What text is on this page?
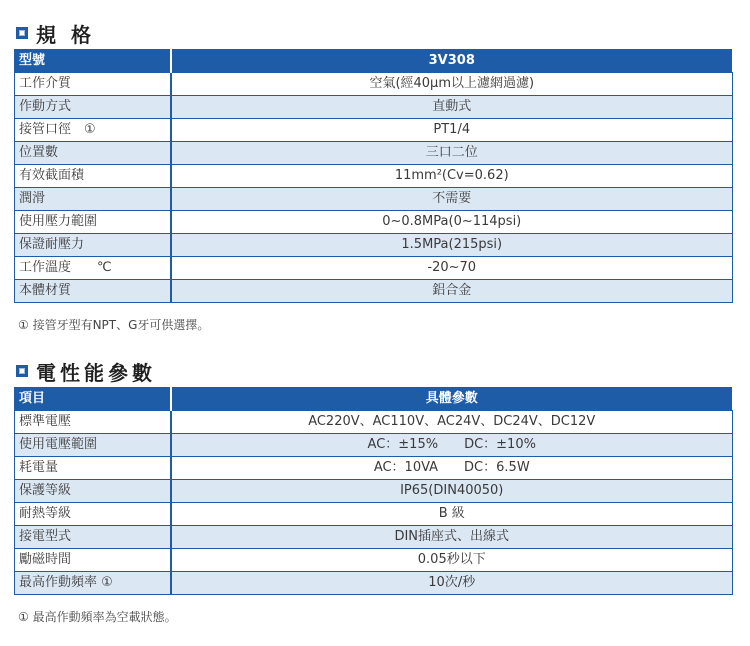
規 格
型號	3V308
工作介質	空氣(經40μm以上濾網過濾)
作動方式	直動式
接管口徑　①	PT1/4
位置數	三口二位
有效截面積	11mm²(Cv=0.62)
潤滑	不需要
使用壓力範圍	0~0.8MPa(0~114psi)
保證耐壓力	1.5MPa(215psi)
工作溫度　　℃	-20~70
本體材質	鋁合金
① 接管牙型有NPT、G牙可供選擇。
電性能參數
項目	具體參數
標準電壓	AC220V、AC110V、AC24V、DC24V、DC12V
使用電壓範圍	AC：±15%　　DC：±10%
耗電量	AC：10VA　　DC：6.5W
保護等級	IP65(DIN40050)
耐熱等級	B 級
接電型式	DIN插座式、出線式
勵磁時間	0.05秒以下
最高作動頻率 ①	10次/秒
① 最高作動頻率為空載狀態。
